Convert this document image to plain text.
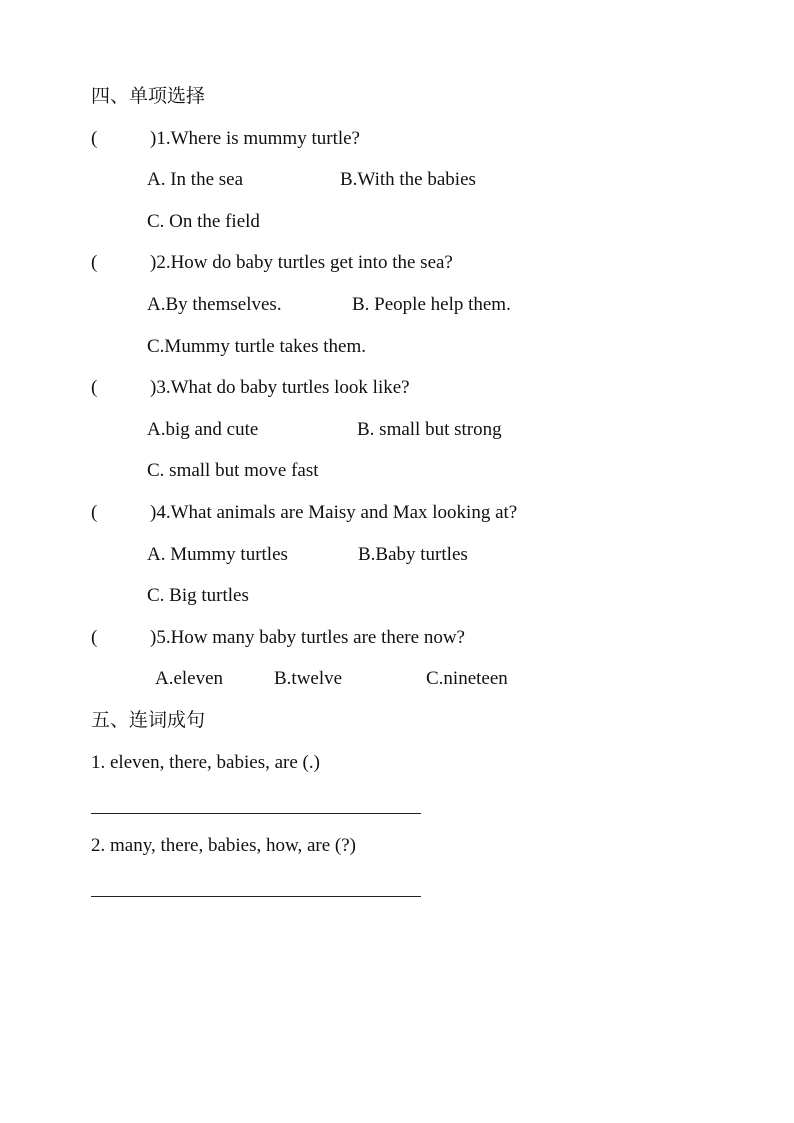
四、单项选择
(	)1.Where is mummy turtle?
A. In the sea	B.With the babies
C. On the field
(	)2.How do baby turtles get into the sea?
A.By themselves.	B. People help them.
C.Mummy turtle takes them.
(	)3.What do baby turtles look like?
A.big and cute	B. small but strong
C. small but move fast
(	)4.What animals are Maisy and Max looking at?
A. Mummy turtles	B.Baby turtles
C. Big turtles
(	)5.How many baby turtles are there now?
A.eleven	B.twelve	C.nineteen
五、连词成句
1. eleven, there, babies, are (.)
2. many, there, babies, how, are (?)
